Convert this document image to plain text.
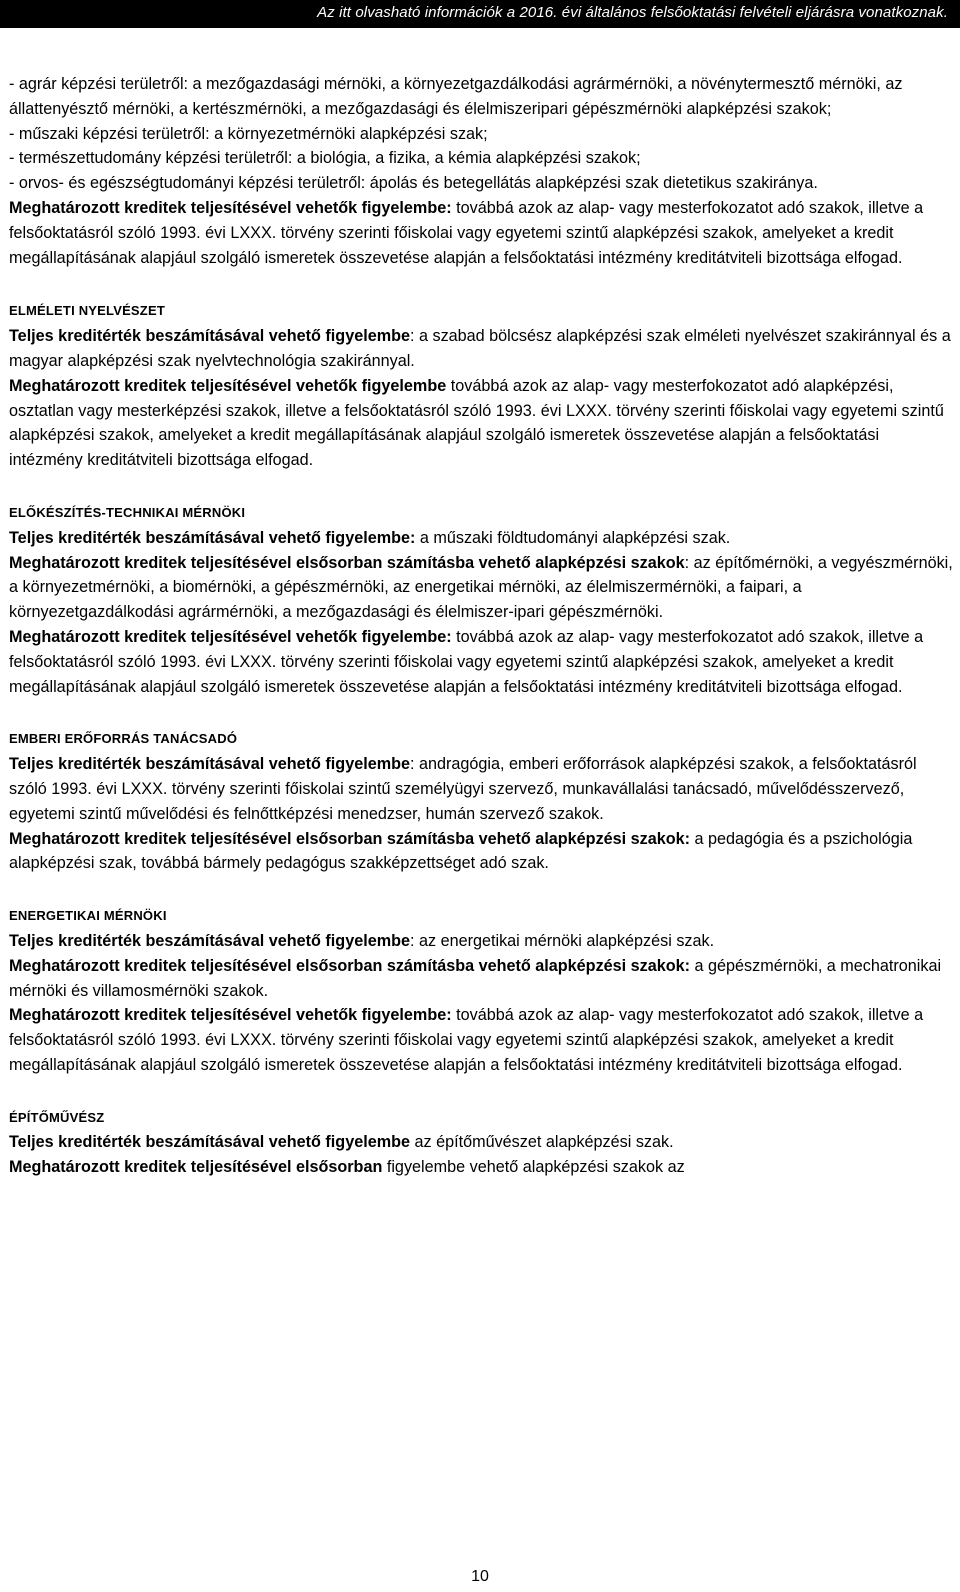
Az itt olvasható információk a 2016. évi általános felsőoktatási felvételi eljárásra vonatkoznak.

- agrár képzési területről: a mezőgazdasági mérnöki, a környezetgazdálkodási agrármérnöki, a növénytermesztő mérnöki, az állattenyésztő mérnöki, a kertészmérnöki, a mezőgazdasági és élelmiszeripari gépészmérnöki alapképzési szakok;

- műszaki képzési területről: a környezetmérnöki alapképzési szak;

- természettudomány képzési területről: a biológia, a fizika, a kémia alapképzési szakok;

- orvos- és egészségtudományi képzési területről: ápolás és betegellátás alapképzési szak dietetikus szakiránya.

Meghatározott kreditek teljesítésével vehetők figyelembe: továbbá azok az alap- vagy mesterfokozatot adó szakok, illetve a felsőoktatásról szóló 1993. évi LXXX. törvény szerinti főiskolai vagy egyetemi szintű alapképzési szakok, amelyeket a kredit megállapításának alapjául szolgáló ismeretek összevetése alapján a felsőoktatási intézmény kreditátviteli bizottsága elfogad.

ELMÉLETI NYELVÉSZET

Teljes kreditérték beszámításával vehető figyelembe: a szabad bölcsész alapképzési szak elméleti nyelvészet szakiránnyal és a magyar alapképzési szak nyelvtechnológia szakiránnyal.

Meghatározott kreditek teljesítésével vehetők figyelembe továbbá azok az alap- vagy mesterfokozatot adó alapképzési, osztatlan vagy mesterképzési szakok, illetve a felsőoktatásról szóló 1993. évi LXXX. törvény szerinti főiskolai vagy egyetemi szintű alapképzési szakok, amelyeket a kredit megállapításának alapjául szolgáló ismeretek összevetése alapján a felsőoktatási intézmény kreditátviteli bizottsága elfogad.

ELŐKÉSZÍTÉS-TECHNIKAI MÉRNÖKI

Teljes kreditérték beszámításával vehető figyelembe: a műszaki földtudományi alapképzési szak.

Meghatározott kreditek teljesítésével elsősorban számításba vehető alapképzési szakok: az építőmérnöki, a vegyészmérnöki, a környezetmérnöki, a biomérnöki, a gépészmérnöki, az energetikai mérnöki, az élelmiszermérnöki, a faipari, a környezetgazdálkodási agrármérnöki, a mezőgazdasági és élelmiszer-ipari gépészmérnöki.

Meghatározott kreditek teljesítésével vehetők figyelembe: továbbá azok az alap- vagy mesterfokozatot adó szakok, illetve a felsőoktatásról szóló 1993. évi LXXX. törvény szerinti főiskolai vagy egyetemi szintű alapképzési szakok, amelyeket a kredit megállapításának alapjául szolgáló ismeretek összevetése alapján a felsőoktatási intézmény kreditátviteli bizottsága elfogad.

EMBERI ERŐFORRÁS TANÁCSADÓ

Teljes kreditérték beszámításával vehető figyelembe: andragógia, emberi erőforrások alapképzési szakok, a felsőoktatásról szóló 1993. évi LXXX. törvény szerinti főiskolai szintű személyügyi szervező, munkavállalási tanácsadó, művelődésszervező, egyetemi szintű művelődési és felnőttképzési menedzser, humán szervező szakok.

Meghatározott kreditek teljesítésével elsősorban számításba vehető alapképzési szakok: a pedagógia és a pszichológia alapképzési szak, továbbá bármely pedagógus szakképzettséget adó szak.

ENERGETIKAI MÉRNÖKI

Teljes kreditérték beszámításával vehető figyelembe: az energetikai mérnöki alapképzési szak.

Meghatározott kreditek teljesítésével elsősorban számításba vehető alapképzési szakok: a gépészmérnöki, a mechatronikai mérnöki és villamosmérnöki szakok.

Meghatározott kreditek teljesítésével vehetők figyelembe: továbbá azok az alap- vagy mesterfokozatot adó szakok, illetve a felsőoktatásról szóló 1993. évi LXXX. törvény szerinti főiskolai vagy egyetemi szintű alapképzési szakok, amelyeket a kredit megállapításának alapjául szolgáló ismeretek összevetése alapján a felsőoktatási intézmény kreditátviteli bizottsága elfogad.

ÉPÍTŐMŰVÉSZ

Teljes kreditérték beszámításával vehető figyelembe az építőművészet alapképzési szak.

Meghatározott kreditek teljesítésével elsősorban figyelembe vehető alapképzési szakok az

10
